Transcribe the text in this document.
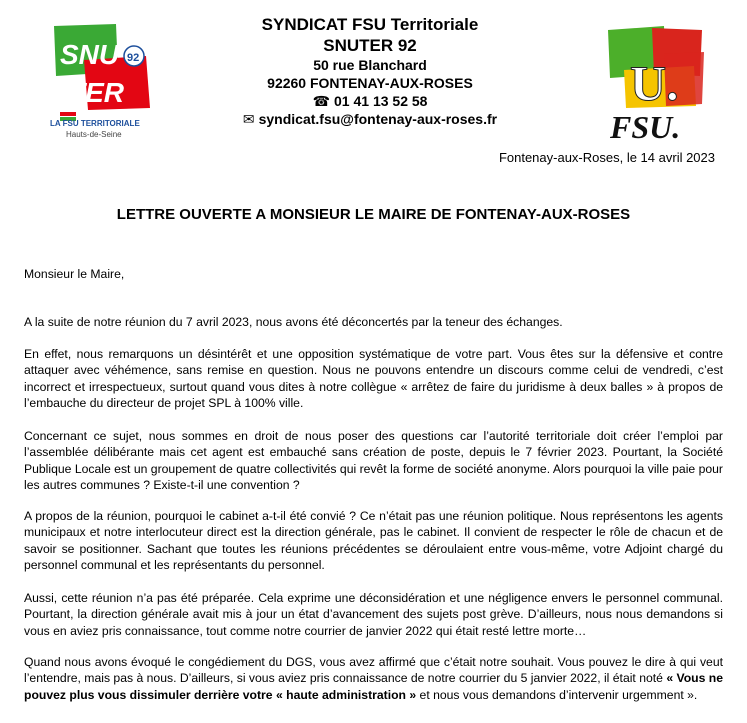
SNU
TER
92
LA FSU TERRITORIALE
Hauts-de-Seine
SYNDICAT FSU Territoriale
SNUTER 92
50 rue Blanchard
92260 FONTENAY-AUX-ROSES
☎ 01 41 13 52 58
✉ syndicat.fsu@fontenay-aux-roses.fr
U.
FSU.
Fontenay-aux-Roses, le 14 avril 2023
LETTRE OUVERTE A MONSIEUR LE MAIRE DE FONTENAY-AUX-ROSES
Monsieur le Maire,
A la suite de notre réunion du 7 avril 2023, nous avons été déconcertés par la teneur des échanges.
En effet, nous remarquons un désintérêt et une opposition systématique de votre part. Vous êtes sur la défensive et contre attaquer avec véhémence, sans remise en question. Nous ne pouvons entendre un discours comme celui de vendredi, c’est incorrect et irrespectueux, surtout quand vous dites à notre collègue « arrêtez de faire du juridisme à deux balles » à propos de l’embauche du directeur de projet SPL à 100% ville.
Concernant ce sujet, nous sommes en droit de nous poser des questions car l’autorité territoriale doit créer l’emploi par l’assemblée délibérante mais cet agent est embauché sans création de poste, depuis le 7 février 2023. Pourtant, la Société Publique Locale est un groupement de quatre collectivités qui revêt la forme de société anonyme. Alors pourquoi la ville paie pour les autres communes ? Existe-t-il une convention ?
A propos de la réunion, pourquoi le cabinet a-t-il été convié ? Ce n’était pas une réunion politique. Nous représentons les agents municipaux et notre interlocuteur direct est la direction générale, pas le cabinet. Il convient de respecter le rôle de chacun et de savoir se positionner. Sachant que toutes les réunions précédentes se déroulaient entre vous-même, votre Adjoint chargé du personnel communal et les représentants du personnel.
Aussi, cette réunion n’a pas été préparée. Cela exprime une déconsidération et une négligence envers le personnel communal. Pourtant, la direction générale avait mis à jour un état d’avancement des sujets post grève. D’ailleurs, nous nous demandons si vous en aviez pris connaissance, tout comme notre courrier de janvier 2022 qui était resté lettre morte…
Quand nous avons évoqué le congédiement du DGS, vous avez affirmé que c’était notre souhait. Vous pouvez le dire à qui veut l’entendre, mais pas à nous. D’ailleurs, si vous aviez pris connaissance de notre courrier du 5 janvier 2022, il était noté « Vous ne pouvez plus vous dissimuler derrière votre « haute administration » et nous vous demandons d’intervenir urgemment ».
